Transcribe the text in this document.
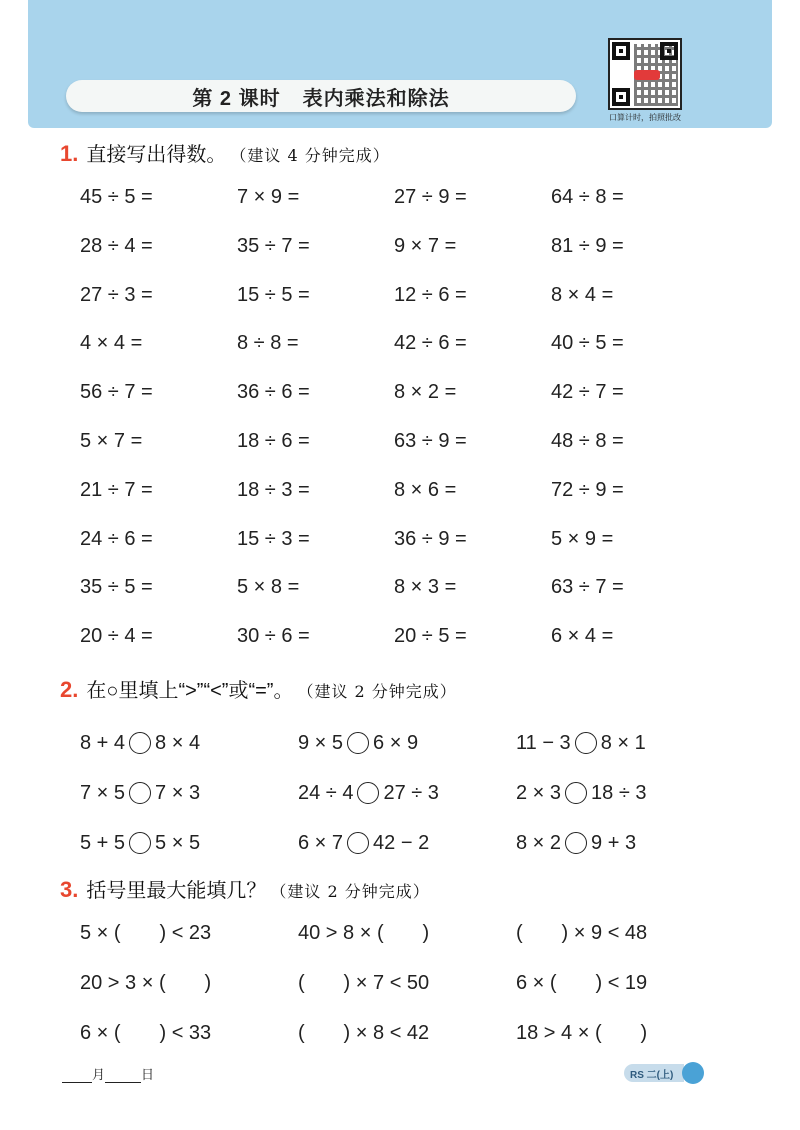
第 2 课时 表内乘法和除法
口算计时，拍照批改
1. 直接写出得数。 （建议 4 分钟完成）
45 ÷ 5 =	7 × 9 =	27 ÷ 9 =	64 ÷ 8 =
28 ÷ 4 =	35 ÷ 7 =	9 × 7 =	81 ÷ 9 =
27 ÷ 3 =	15 ÷ 5 =	12 ÷ 6 =	8 × 4 =
4 × 4 =	8 ÷ 8 =	42 ÷ 6 =	40 ÷ 5 =
56 ÷ 7 =	36 ÷ 6 =	8 × 2 =	42 ÷ 7 =
5 × 7 =	18 ÷ 6 =	63 ÷ 9 =	48 ÷ 8 =
21 ÷ 7 =	18 ÷ 3 =	8 × 6 =	72 ÷ 9 =
24 ÷ 6 =	15 ÷ 3 =	36 ÷ 9 =	5 × 9 =
35 ÷ 5 =	5 × 8 =	8 × 3 =	63 ÷ 7 =
20 ÷ 4 =	30 ÷ 6 =	20 ÷ 5 =	6 × 4 =
2. 在○里填上“>”“<”或“=”。 （建议 2 分钟完成）
8 + 4 8 × 4	9 × 5 6 × 9	11 − 3 8 × 1
7 × 5 7 × 3	24 ÷ 4 27 ÷ 3	2 × 3 18 ÷ 3
5 + 5 5 × 5	6 × 7 42 − 2	8 × 2 9 + 3
3. 括号里最大能填几？ （建议 2 分钟完成）
5 × (       ) < 23	40 > 8 × (       )	(       ) × 9 < 48
20 > 3 × (       )	(       ) × 7 < 50	6 × (       ) < 19
6 × (       ) < 33	(       ) × 8 < 42	18 > 4 × (       )
月	日	RS 二(上)
